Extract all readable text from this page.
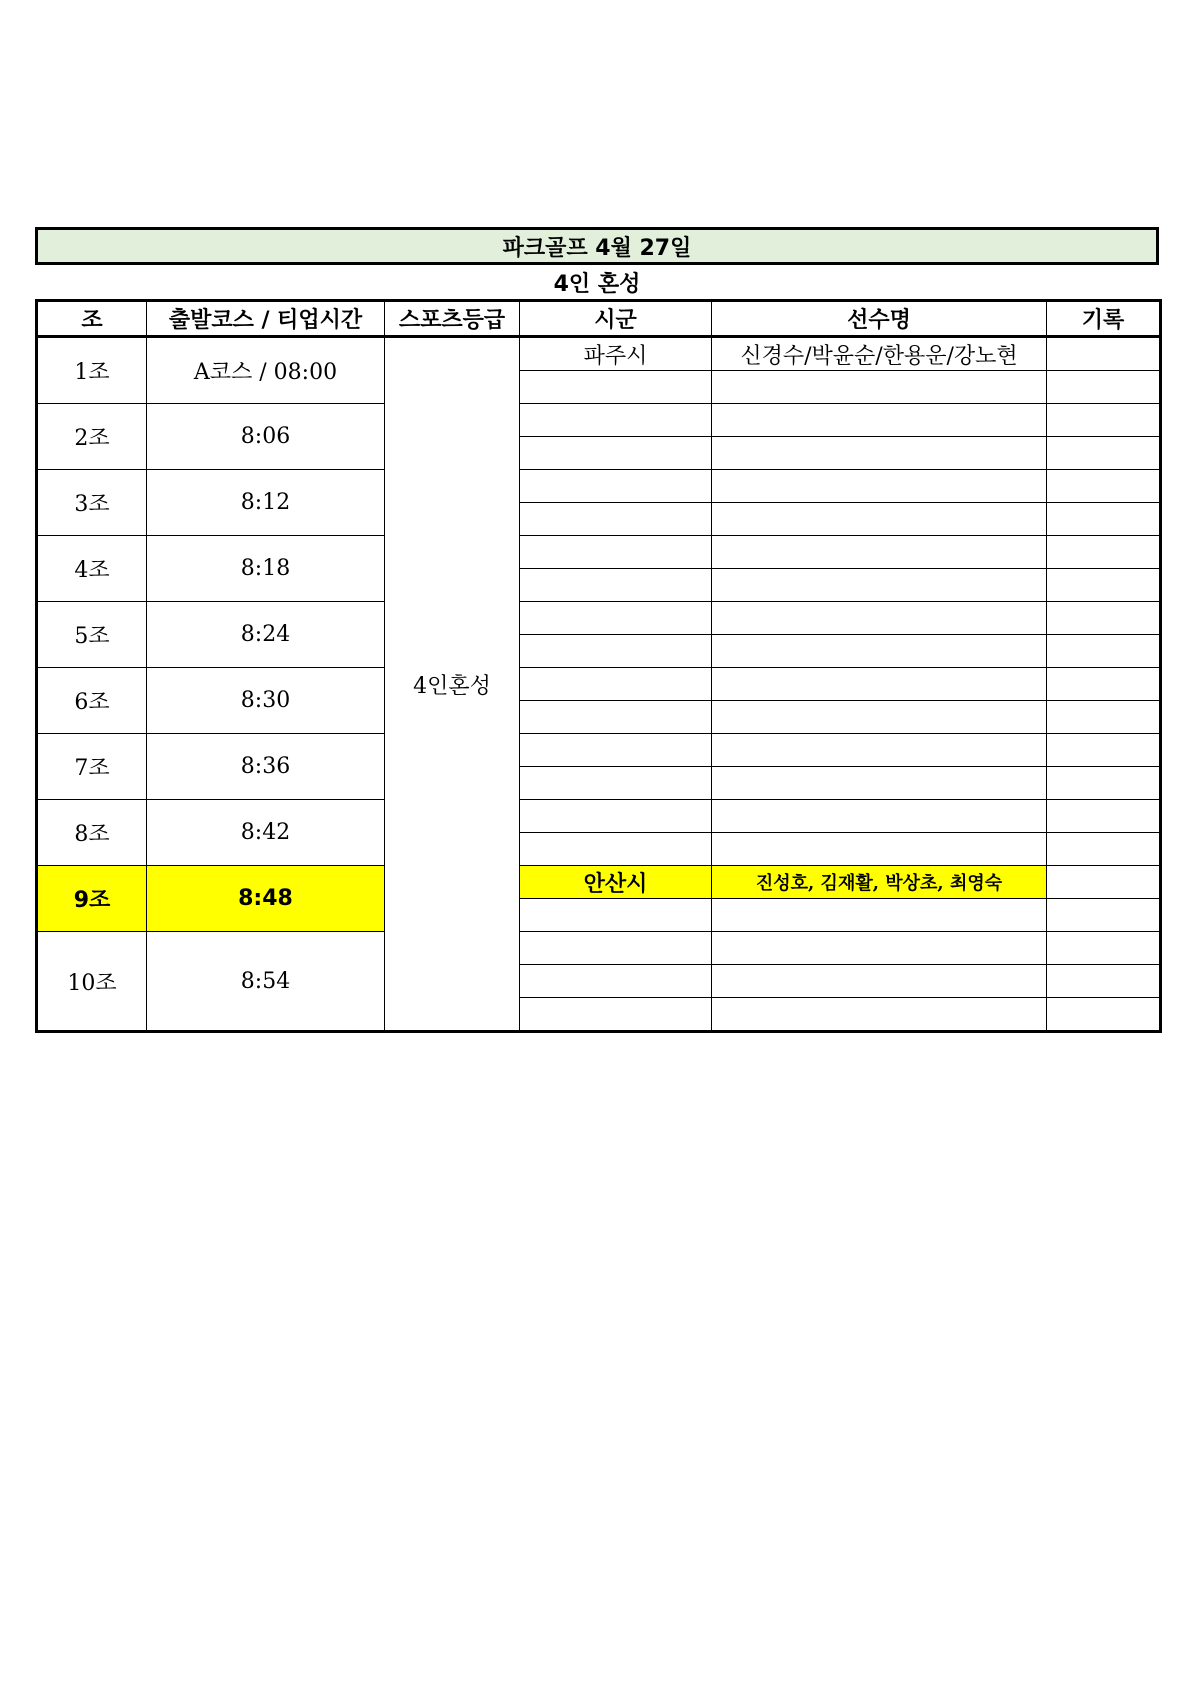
파크골프 4월 27일
4인 혼성
조	출발코스 / 티업시간	스포츠등급	시군	선수명	기록
1조	A코스 / 08:00	4인혼성	파주시	신경수/박윤순/한용운/강노현	

2조	8:06				

3조	8:12				

4조	8:18				

5조	8:24				

6조	8:30				

7조	8:36				

8조	8:42				

9조	8:48		안산시	진성호, 김재활, 박상초, 최영숙	

10조	8:54				
